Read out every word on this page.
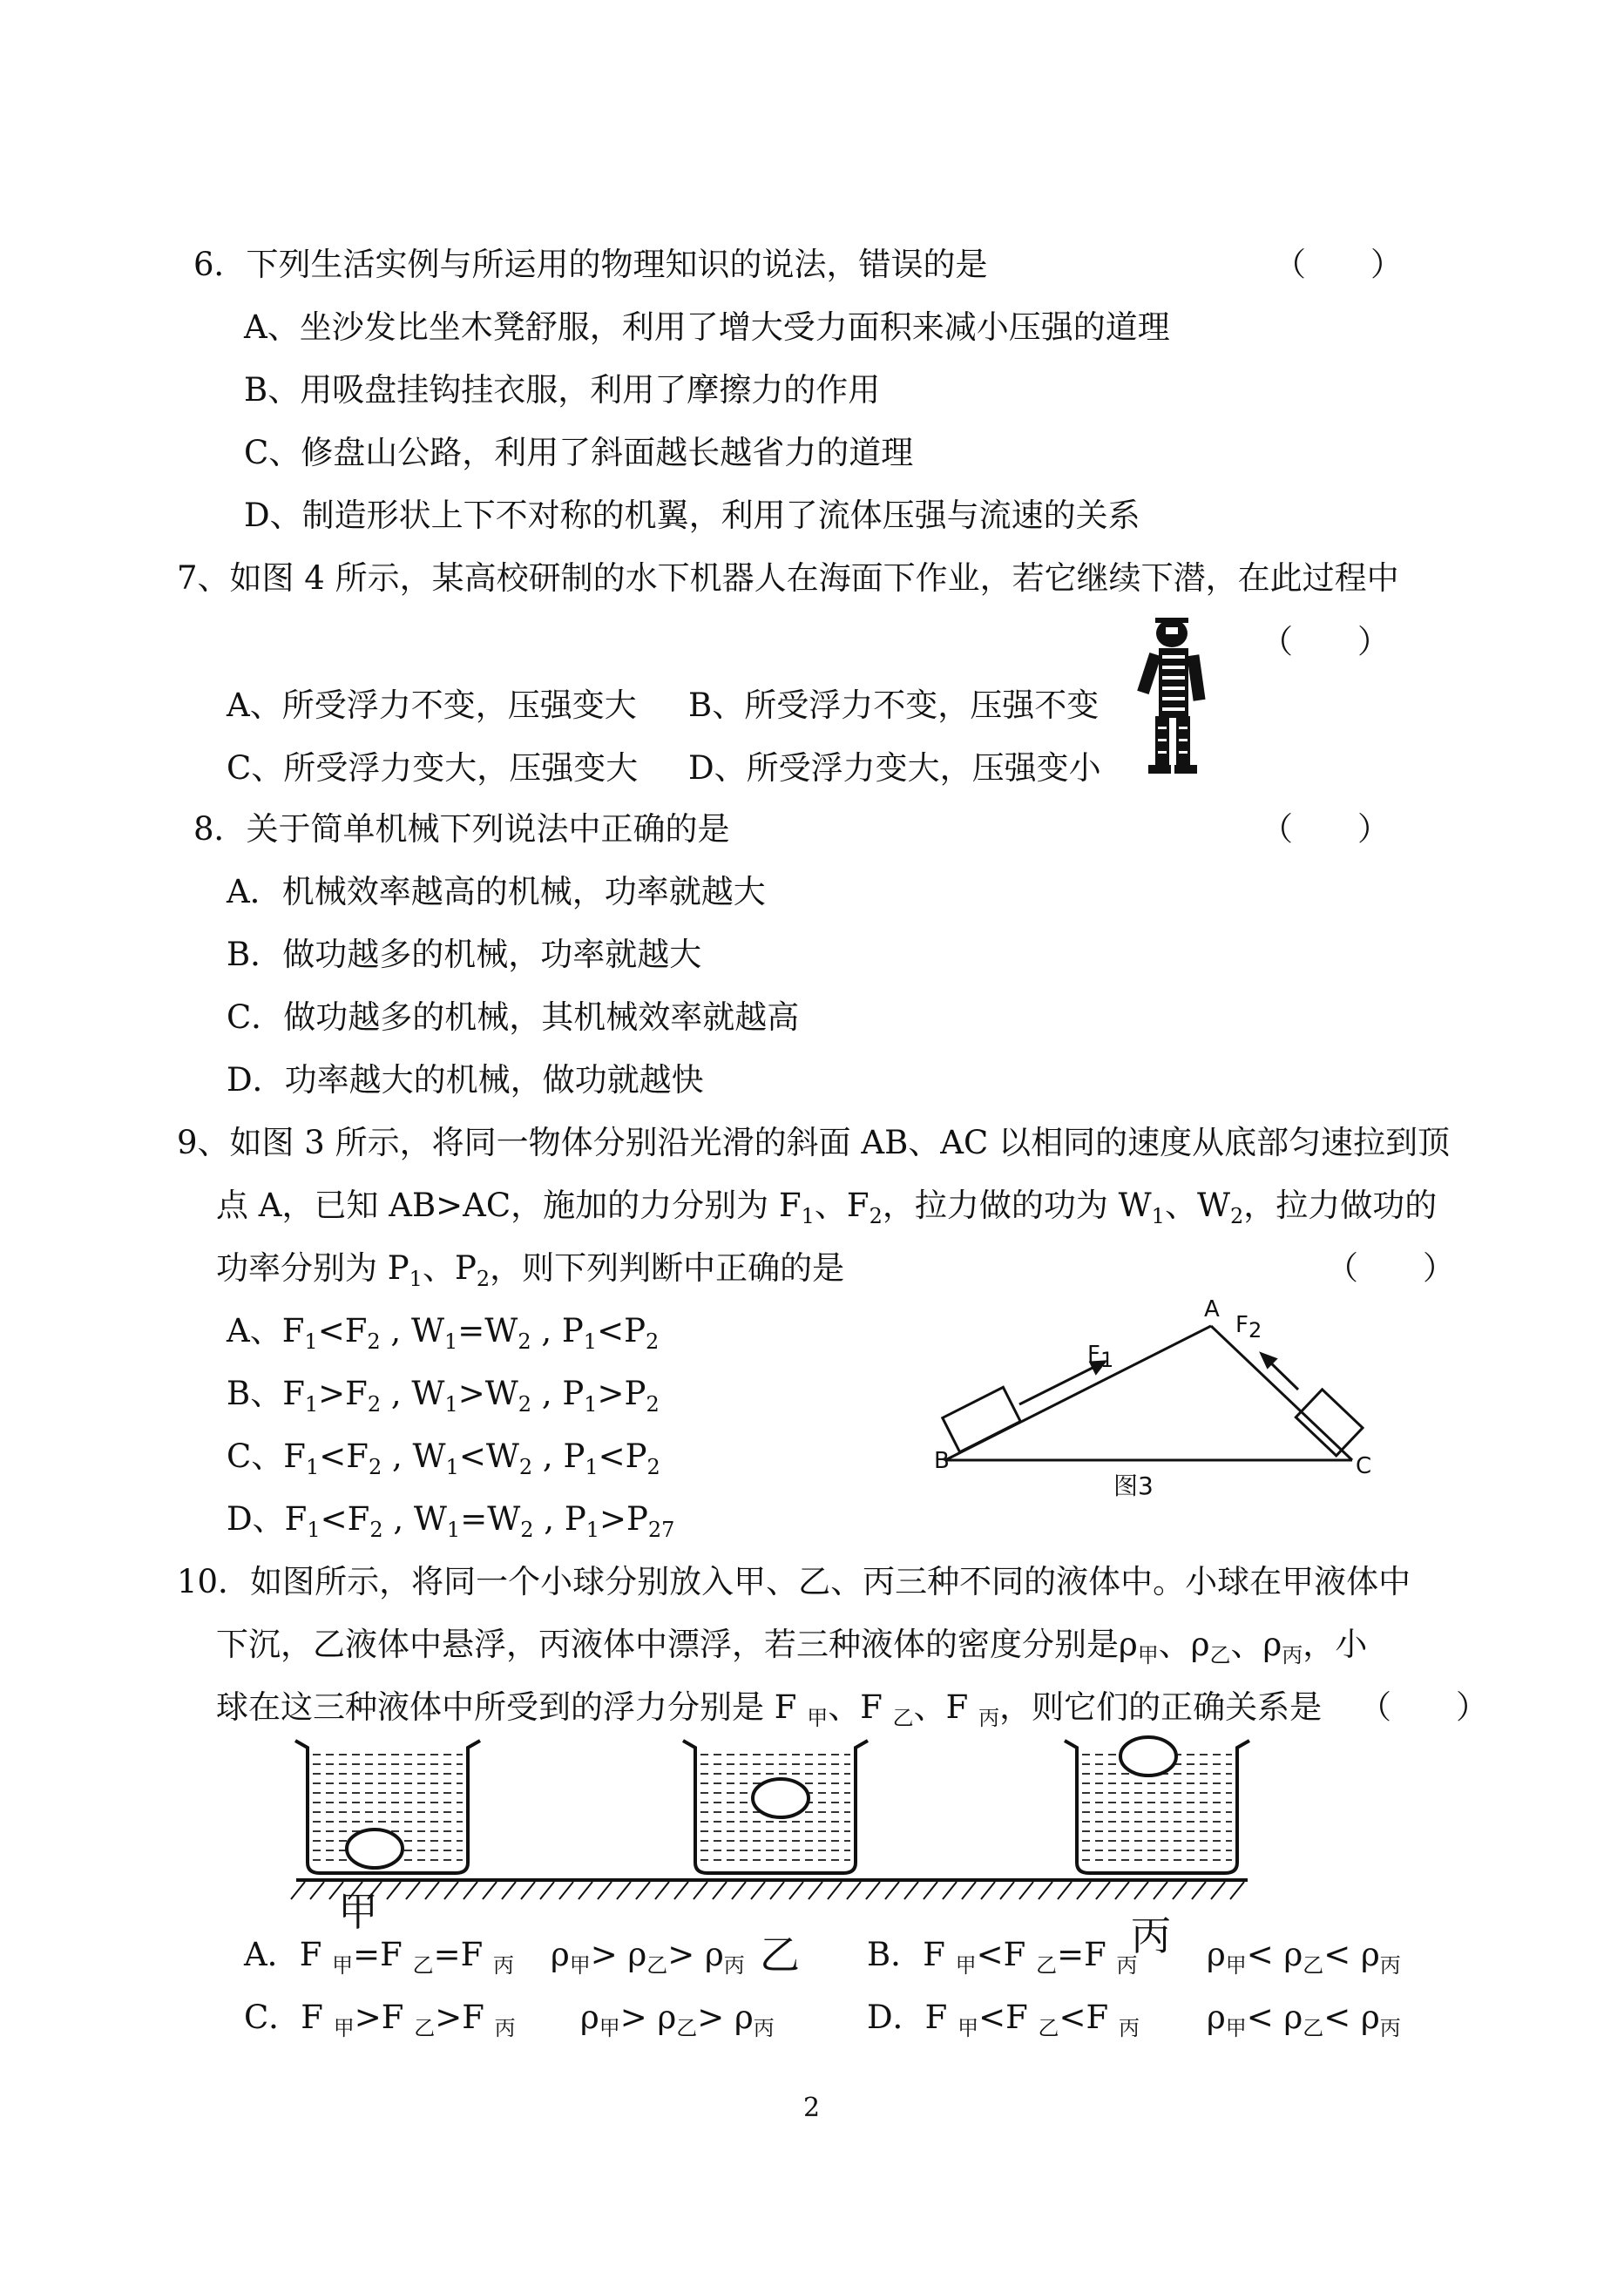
6．下列生活实例与所运用的物理知识的说法，错误的是	（　　）
A、坐沙发比坐木凳舒服，利用了增大受力面积来减小压强的道理
B、用吸盘挂钩挂衣服，利用了摩擦力的作用
C、修盘山公路，利用了斜面越长越省力的道理
D、制造形状上下不对称的机翼，利用了流体压强与流速的关系
7、如图 4 所示，某高校研制的水下机器人在海面下作业，若它继续下潜，在此过程中
（　　）
A、所受浮力不变，压强变大 B、所受浮力不变，压强不变
C、所受浮力变大，压强变大 D、所受浮力变大，压强变小
8．关于简单机械下列说法中正确的是	（　　）
A．机械效率越高的机械，功率就越大
B．做功越多的机械，功率就越大
C．做功越多的机械，其机械效率就越高
D．功率越大的机械，做功就越快
9、如图 3 所示，将同一物体分别沿光滑的斜面 AB、AC 以相同的速度从底部匀速拉到顶
点 A，已知 AB>AC，施加的力分别为 $F_1$、$F_2$，拉力做的功为 $W_1$、$W_2$，拉力做功的
功率分别为 $P_1$、$P_2$，则下列判断中正确的是	（　　）
A、$F_1<F_2$ , $W_1=W_2$ , $P_1<P_2$
B、$F_1>F_2$ , $W_1>W_2$ , $P_1>P_2$
C、$F_1<F_2$ , $W_1<W_2$ , $P_1<P_2$
D、$F_1<F_2$ , $W_1=W_2$ , $P_1>P_{27}$
A
B	C
F1
F2
图3
10．如图所示，将同一个小球分别放入甲、乙、丙三种不同的液体中。小球在甲液体中
下沉，乙液体中悬浮，丙液体中漂浮，若三种液体的密度分别是$\rho_甲$、$\rho_乙$、$\rho_丙$，小
球在这三种液体中所受到的浮力分别是 F $_甲$、F $_乙$、F $_丙$，则它们的正确关系是 （　　）
甲
乙	丙
A．F $_甲$=F $_乙$=F $_丙$ $\rho_甲> \rho_乙> \rho_丙$	B．F $_甲$<F $_乙$=F $_丙$ $\rho_甲< \rho_乙< \rho_丙$
C．F $_甲$>F $_乙$>F $_丙$ $\rho_甲> \rho_乙> \rho_丙$	D．F $_甲$<F $_乙$<F $_丙$ $\rho_甲< \rho_乙< \rho_丙$
2
